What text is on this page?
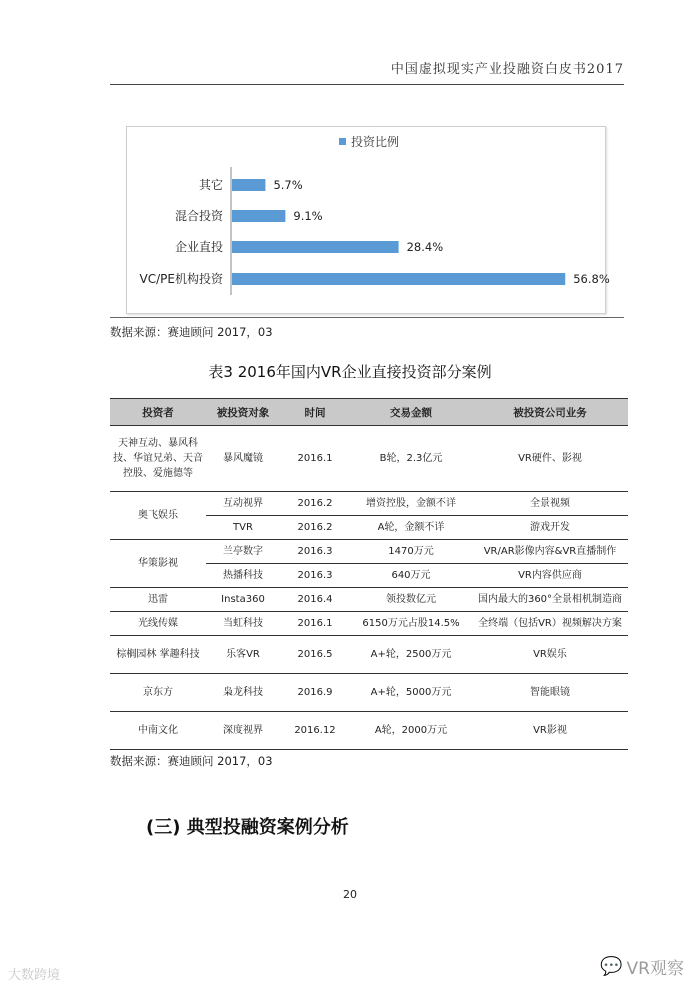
中国虚拟现实产业投融资白皮书2017
投资比例
其它	5.7%
混合投资	9.1%
企业直投	28.4%
VC/PE机构投资	56.8%
数据来源：赛迪顾问 2017，03
表3 2016年国内VR企业直接投资部分案例
投资者	被投资对象	时间	交易金额	被投资公司业务
天神互动、暴风科技、华谊兄弟、天音控股、爱施德等	暴风魔镜	2016.1	B轮，2.3亿元	VR硬件、影视
奥飞娱乐	互动视界	2016.2	增资控股，金额不详	全景视频
	TVR	2016.2	A轮，金额不详	游戏开发
华策影视	兰亭数字	2016.3	1470万元	VR/AR影像内容&VR直播制作
	热播科技	2016.3	640万元	VR内容供应商
迅雷	Insta360	2016.4	领投数亿元	国内最大的360°全景相机制造商
光线传媒	当虹科技	2016.1	6150万元占股14.5%	全终端（包括VR）视频解决方案
棕榈园林 掌趣科技	乐客VR	2016.5	A+轮，2500万元	VR娱乐
京东方	枭龙科技	2016.9	A+轮，5000万元	智能眼镜
中南文化	深度视界	2016.12	A轮，2000万元	VR影视
数据来源：赛迪顾问 2017，03
(三) 典型投融资案例分析
20
大数跨境	💬 VR观察
